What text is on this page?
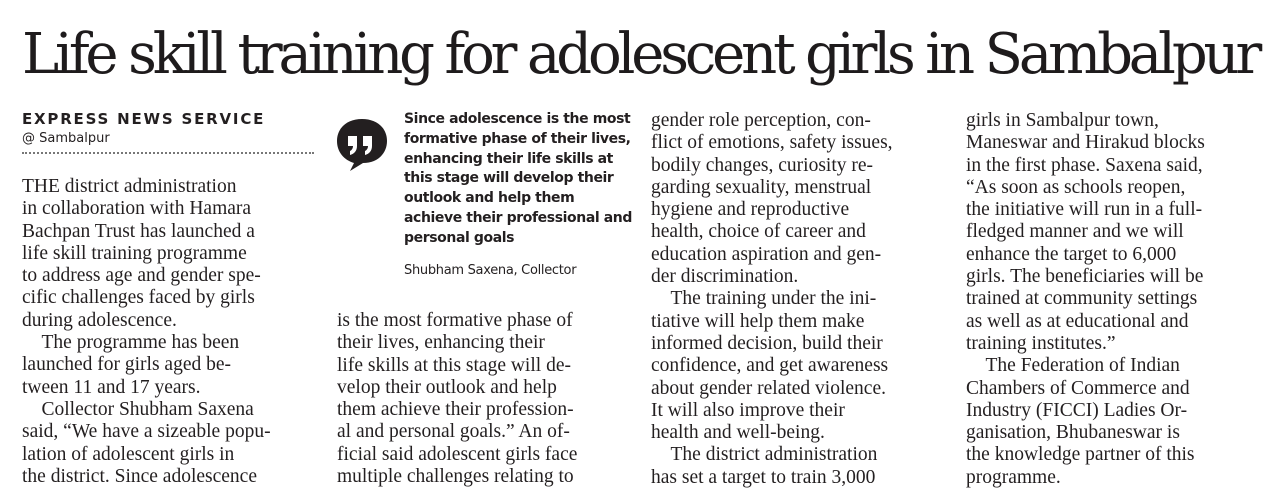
Life skill training for adolescent girls in Sambalpur
EXPRESS NEWS SERVICE
@ Sambalpur
THE district administration
in collaboration with Hamara
Bachpan Trust has launched a
life skill training programme
to address age and gender spe-
cific challenges faced by girls
during adolescence.
 The programme has been
launched for girls aged be-
tween 11 and 17 years.
 Collector Shubham Saxena
said, “We have a sizeable popu-
lation of adolescent girls in
the district. Since adolescence
is the most formative phase of
their lives, enhancing their
life skills at this stage will de-
velop their outlook and help
them achieve their profession-
al and personal goals.” An of-
ficial said adolescent girls face
multiple challenges relating to
gender role perception, con-
flict of emotions, safety issues,
bodily changes, curiosity re-
garding sexuality, menstrual
hygiene and reproductive
health, choice of career and
education aspiration and gen-
der discrimination.
 The training under the ini-
tiative will help them make
informed decision, build their
confidence, and get awareness
about gender related violence.
It will also improve their
health and well-being.
 The district administration
has set a target to train 3,000
girls in Sambalpur town,
Maneswar and Hirakud blocks
in the first phase. Saxena said,
“As soon as schools reopen,
the initiative will run in a full-
fledged manner and we will
enhance the target to 6,000
girls. The beneficiaries will be
trained at community settings
as well as at educational and
training institutes.”
 The Federation of Indian
Chambers of Commerce and
Industry (FICCI) Ladies Or-
ganisation, Bhubaneswar is
the knowledge partner of this
programme.
Since adolescence is the most
formative phase of their lives,
enhancing their life skills at
this stage will develop their
outlook and help them
achieve their professional and
personal goals
Shubham Saxena, Collector
